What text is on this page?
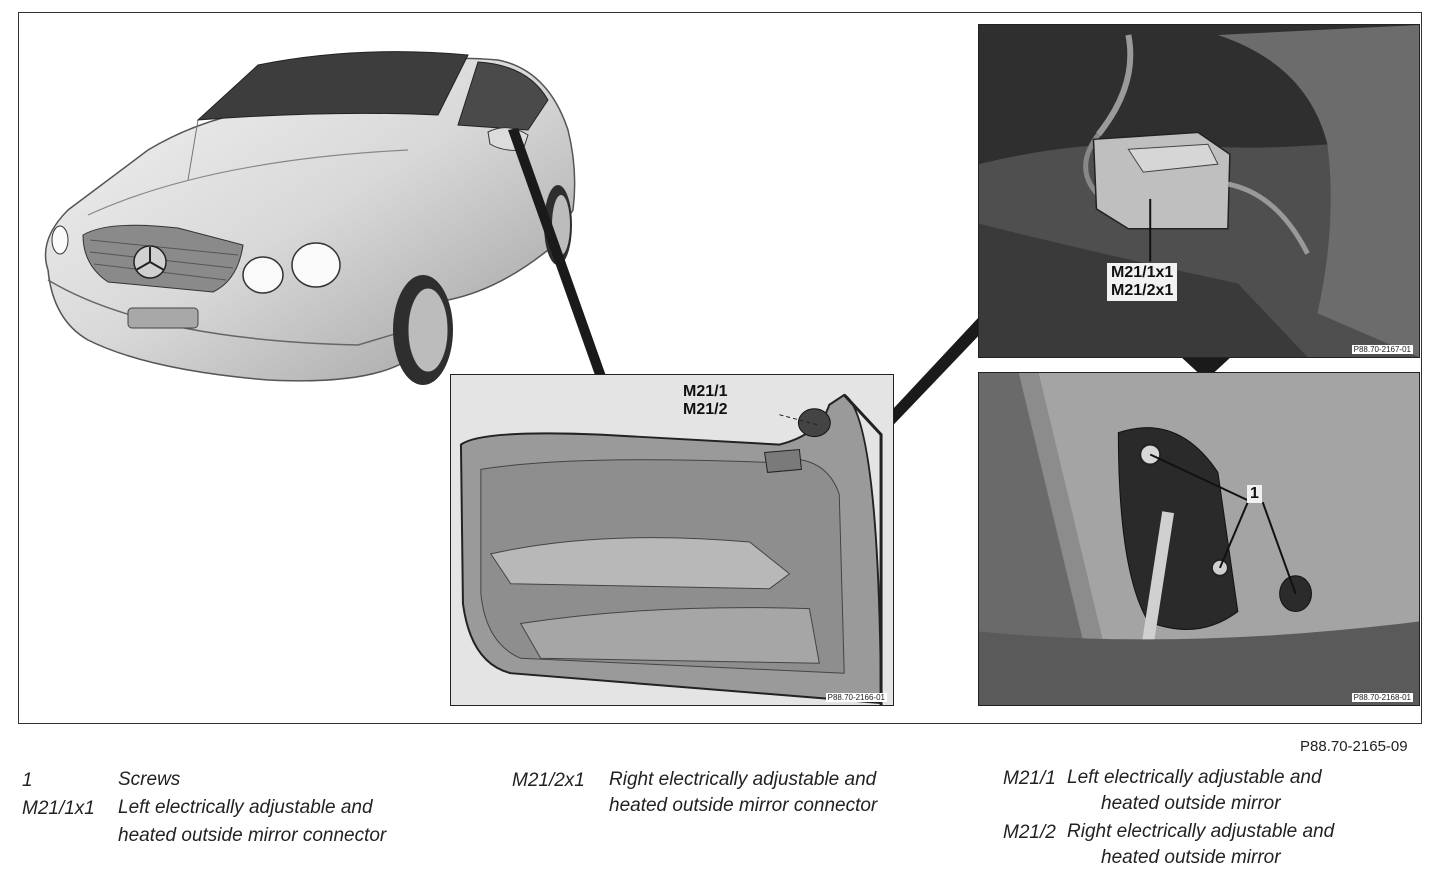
M21/1
M21/2
P88.70-2166-01
M21/1x1
M21/2x1
P88.70-2167-01
1
P88.70-2168-01
P88.70-2165-09
1	Screws
M21/1x1 Left electrically adjustable and
heated outside mirror connector
M21/2x1 Right electrically adjustable and
heated outside mirror connector
M21/1 Left electrically adjustable and
heated outside mirror
M21/2 Right electrically adjustable and
heated outside mirror
